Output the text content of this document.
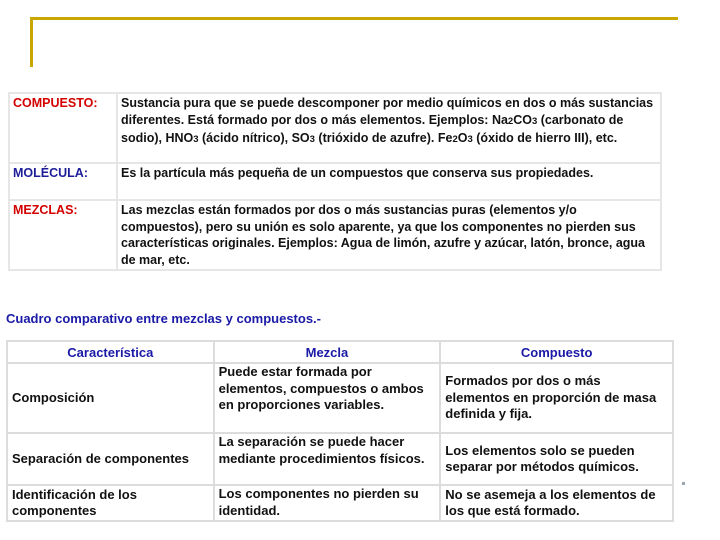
COMPUESTO:	Sustancia pura que se puede descomponer por medio químicos en dos o más sustancias diferentes. Está formado por dos o más elementos. Ejemplos: Na2CO3 (carbonato de sodio), HNO3 (ácido nítrico), SO3 (trióxido de azufre). Fe2O3 (óxido de hierro III), etc.
MOLÉCULA:	Es la partícula más pequeña de un compuestos que conserva sus propiedades.
MEZCLAS:	Las mezclas están formados por dos o más sustancias puras (elementos y/o compuestos), pero su unión es solo aparente, ya que los componentes no pierden sus características originales. Ejemplos: Agua de limón, azufre y azúcar, latón, bronce, agua de mar, etc.
Cuadro comparativo entre mezclas y compuestos.-
Característica	Mezcla	Compuesto
Composición	Puede estar formada por elementos, compuestos o ambos en proporciones variables.	Formados por dos o más elementos en proporción de masa definida y fija.
Separación de componentes	La separación se puede hacer mediante procedimientos físicos.	Los elementos solo se pueden separar por métodos químicos.
Identificación de los componentes	Los componentes no pierden su identidad.	No se asemeja a los elementos de los que está formado.
